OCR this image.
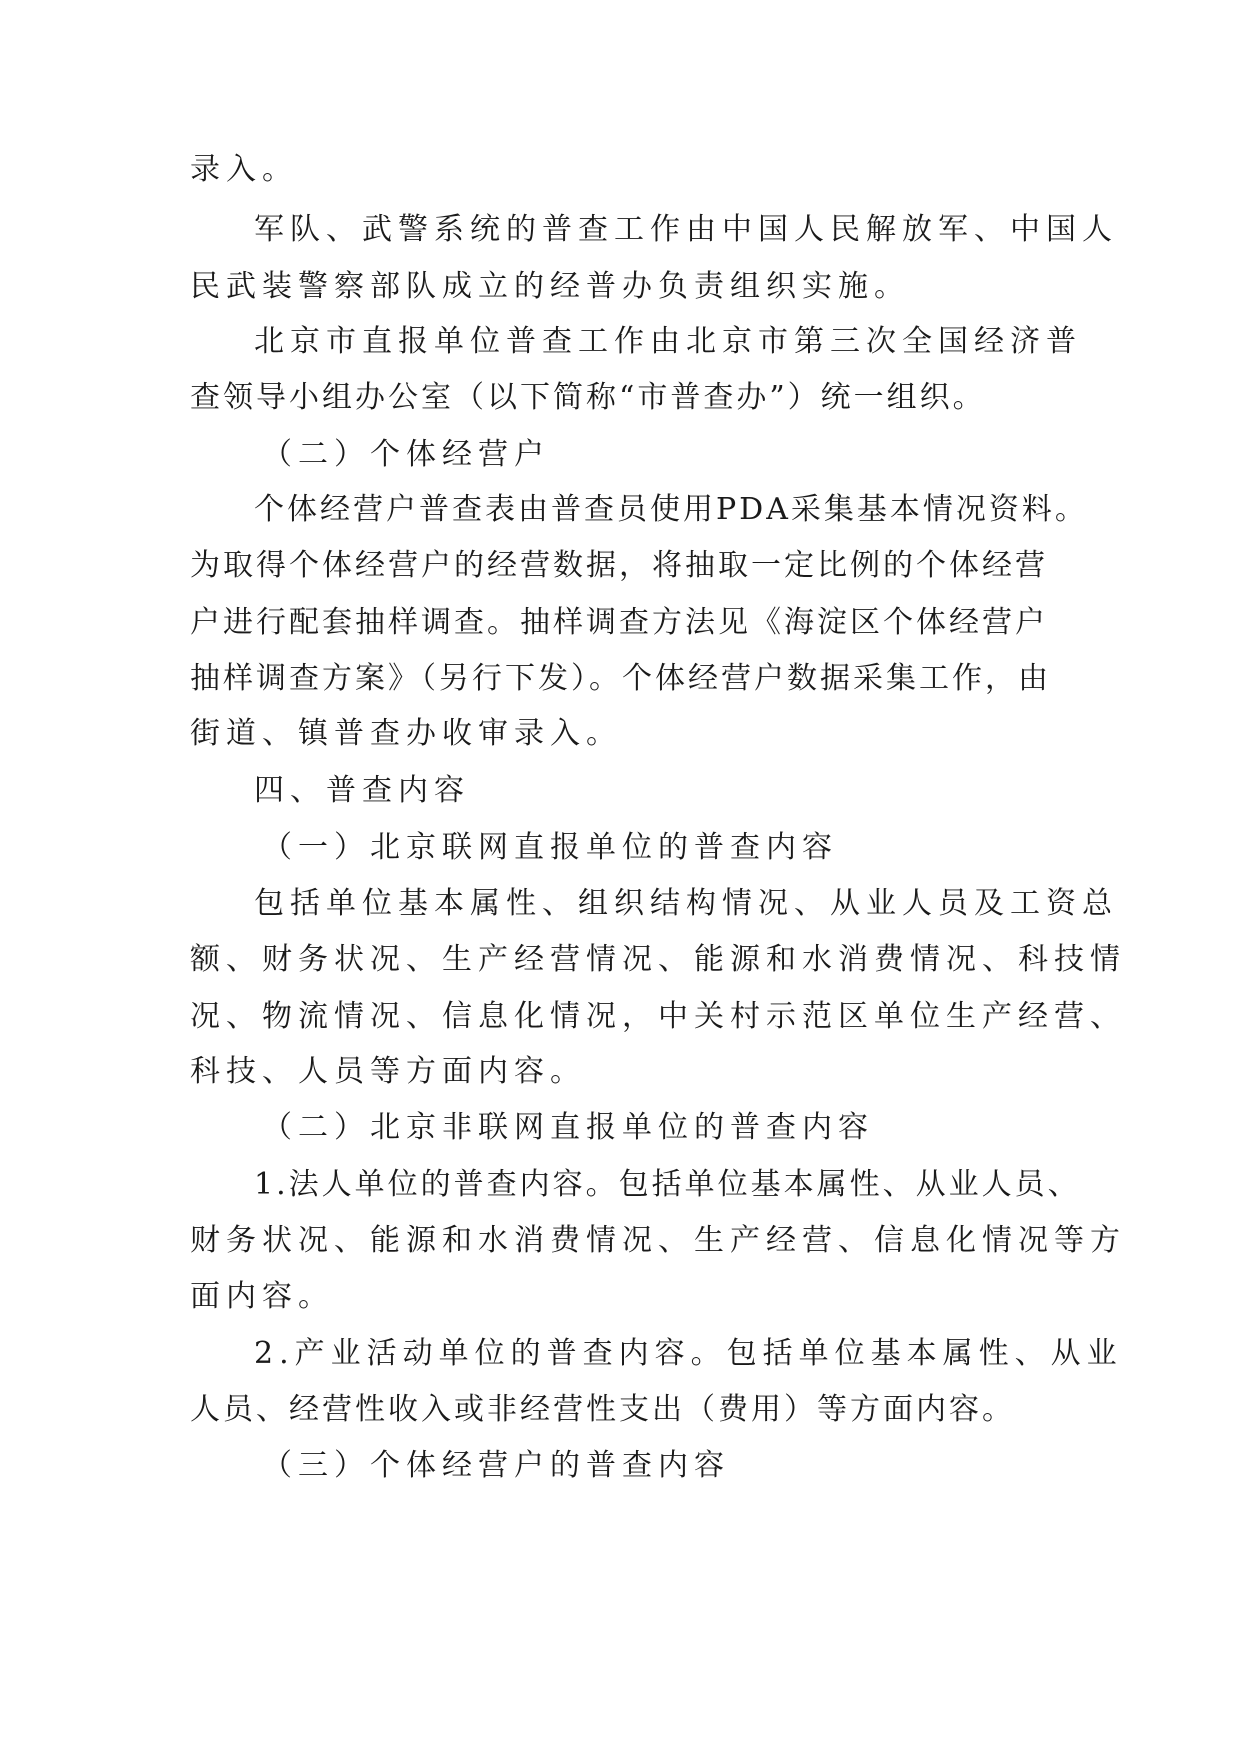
录入。
军队、武警系统的普查工作由中国人民解放军、中国人
民武装警察部队成立的经普办负责组织实施。
北京市直报单位普查工作由北京市第三次全国经济普
查领导小组办公室（以下简称“市普查办”）统一组织。
（二）个体经营户
个体经营户普查表由普查员使用PDA采集基本情况资料。
为取得个体经营户的经营数据，将抽取一定比例的个体经营
户进行配套抽样调查。抽样调查方法见《海淀区个体经营户
抽样调查方案》（另行下发）。个体经营户数据采集工作，由
街道、镇普查办收审录入。
四、普查内容
（一）北京联网直报单位的普查内容
包括单位基本属性、组织结构情况、从业人员及工资总
额、财务状况、生产经营情况、能源和水消费情况、科技情
况、物流情况、信息化情况，中关村示范区单位生产经营、
科技、人员等方面内容。
（二）北京非联网直报单位的普查内容
1.法人单位的普查内容。包括单位基本属性、从业人员、
财务状况、能源和水消费情况、生产经营、信息化情况等方
面内容。
2.产业活动单位的普查内容。包括单位基本属性、从业
人员、经营性收入或非经营性支出（费用）等方面内容。
（三）个体经营户的普查内容
